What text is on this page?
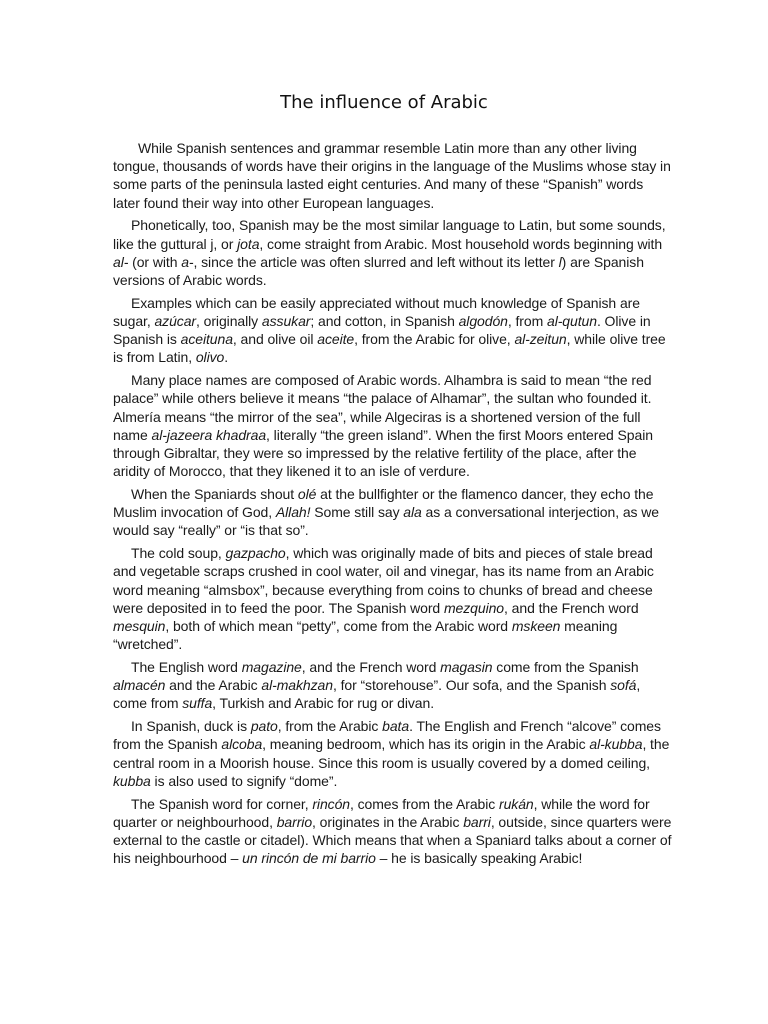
The influence of Arabic

While Spanish sentences and grammar resemble Latin more than any other living tongue, thousands of words have their origins in the language of the Muslims whose stay in some parts of the peninsula lasted eight centuries. And many of these “Spanish” words later found their way into other European languages.

Phonetically, too, Spanish may be the most similar language to Latin, but some sounds, like the guttural j, or jota, come straight from Arabic. Most household words beginning with al- (or with a-, since the article was often slurred and left without its letter l) are Spanish versions of Arabic words.

Examples which can be easily appreciated without much knowledge of Spanish are sugar, azúcar, originally assukar; and cotton, in Spanish algodón, from al-qutun. Olive in Spanish is aceituna, and olive oil aceite, from the Arabic for olive, al-zeitun, while olive tree is from Latin, olivo.

Many place names are composed of Arabic words. Alhambra is said to mean “the red palace” while others believe it means “the palace of Alhamar”, the sultan who founded it. Almería means “the mirror of the sea”, while Algeciras is a shortened version of the full name al-jazeera khadraa, literally “the green island”. When the first Moors entered Spain through Gibraltar, they were so impressed by the relative fertility of the place, after the aridity of Morocco, that they likened it to an isle of verdure.

When the Spaniards shout olé at the bullfighter or the flamenco dancer, they echo the Muslim invocation of God, Allah! Some still say ala as a conversational interjection, as we would say “really” or “is that so”.

The cold soup, gazpacho, which was originally made of bits and pieces of stale bread and vegetable scraps crushed in cool water, oil and vinegar, has its name from an Arabic word meaning “almsbox”, because everything from coins to chunks of bread and cheese were deposited in to feed the poor. The Spanish word mezquino, and the French word mesquin, both of which mean “petty”, come from the Arabic word mskeen meaning “wretched”.

The English word magazine, and the French word magasin come from the Spanish almacén and the Arabic al-makhzan, for “storehouse”. Our sofa, and the Spanish sofá, come from suffa, Turkish and Arabic for rug or divan.

In Spanish, duck is pato, from the Arabic bata. The English and French “alcove” comes from the Spanish alcoba, meaning bedroom, which has its origin in the Arabic al-kubba, the central room in a Moorish house. Since this room is usually covered by a domed ceiling, kubba is also used to signify “dome”.

The Spanish word for corner, rincón, comes from the Arabic rukán, while the word for quarter or neighbourhood, barrio, originates in the Arabic barri, outside, since quarters were external to the castle or citadel). Which means that when a Spaniard talks about a corner of his neighbourhood – un rincón de mi barrio – he is basically speaking Arabic!
